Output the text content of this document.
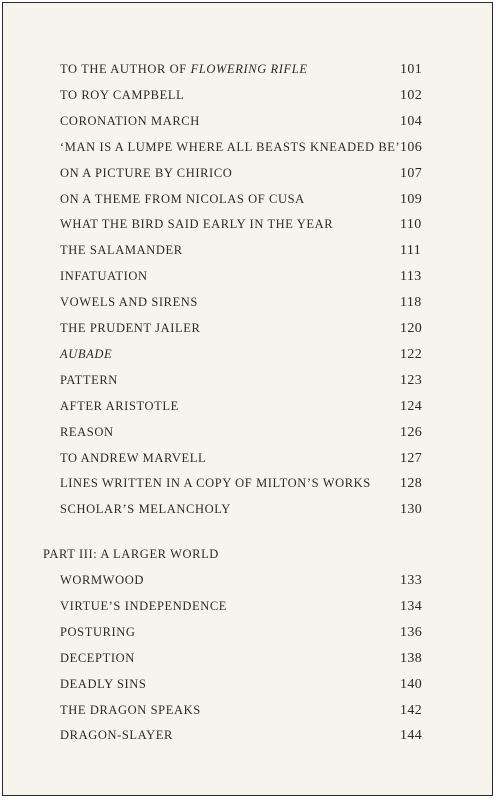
TO THE AUTHOR OF FLOWERING RIFLE	101
TO ROY CAMPBELL	102
CORONATION MARCH	104
‘MAN IS A LUMPE WHERE ALL BEASTS KNEADED BE’ 106
ON A PICTURE BY CHIRICO	107
ON A THEME FROM NICOLAS OF CUSA	109
WHAT THE BIRD SAID EARLY IN THE YEAR	110
THE SALAMANDER	111
INFATUATION	113
VOWELS AND SIRENS	118
THE PRUDENT JAILER	120
AUBADE	122
PATTERN	123
AFTER ARISTOTLE	124
REASON	126
TO ANDREW MARVELL	127
LINES WRITTEN IN A COPY OF MILTON’S WORKS 128
SCHOLAR’S MELANCHOLY	130
PART III: A LARGER WORLD
WORMWOOD	133
VIRTUE’S INDEPENDENCE	134
POSTURING	136
DECEPTION	138
DEADLY SINS	140
THE DRAGON SPEAKS	142
DRAGON-SLAYER	144
